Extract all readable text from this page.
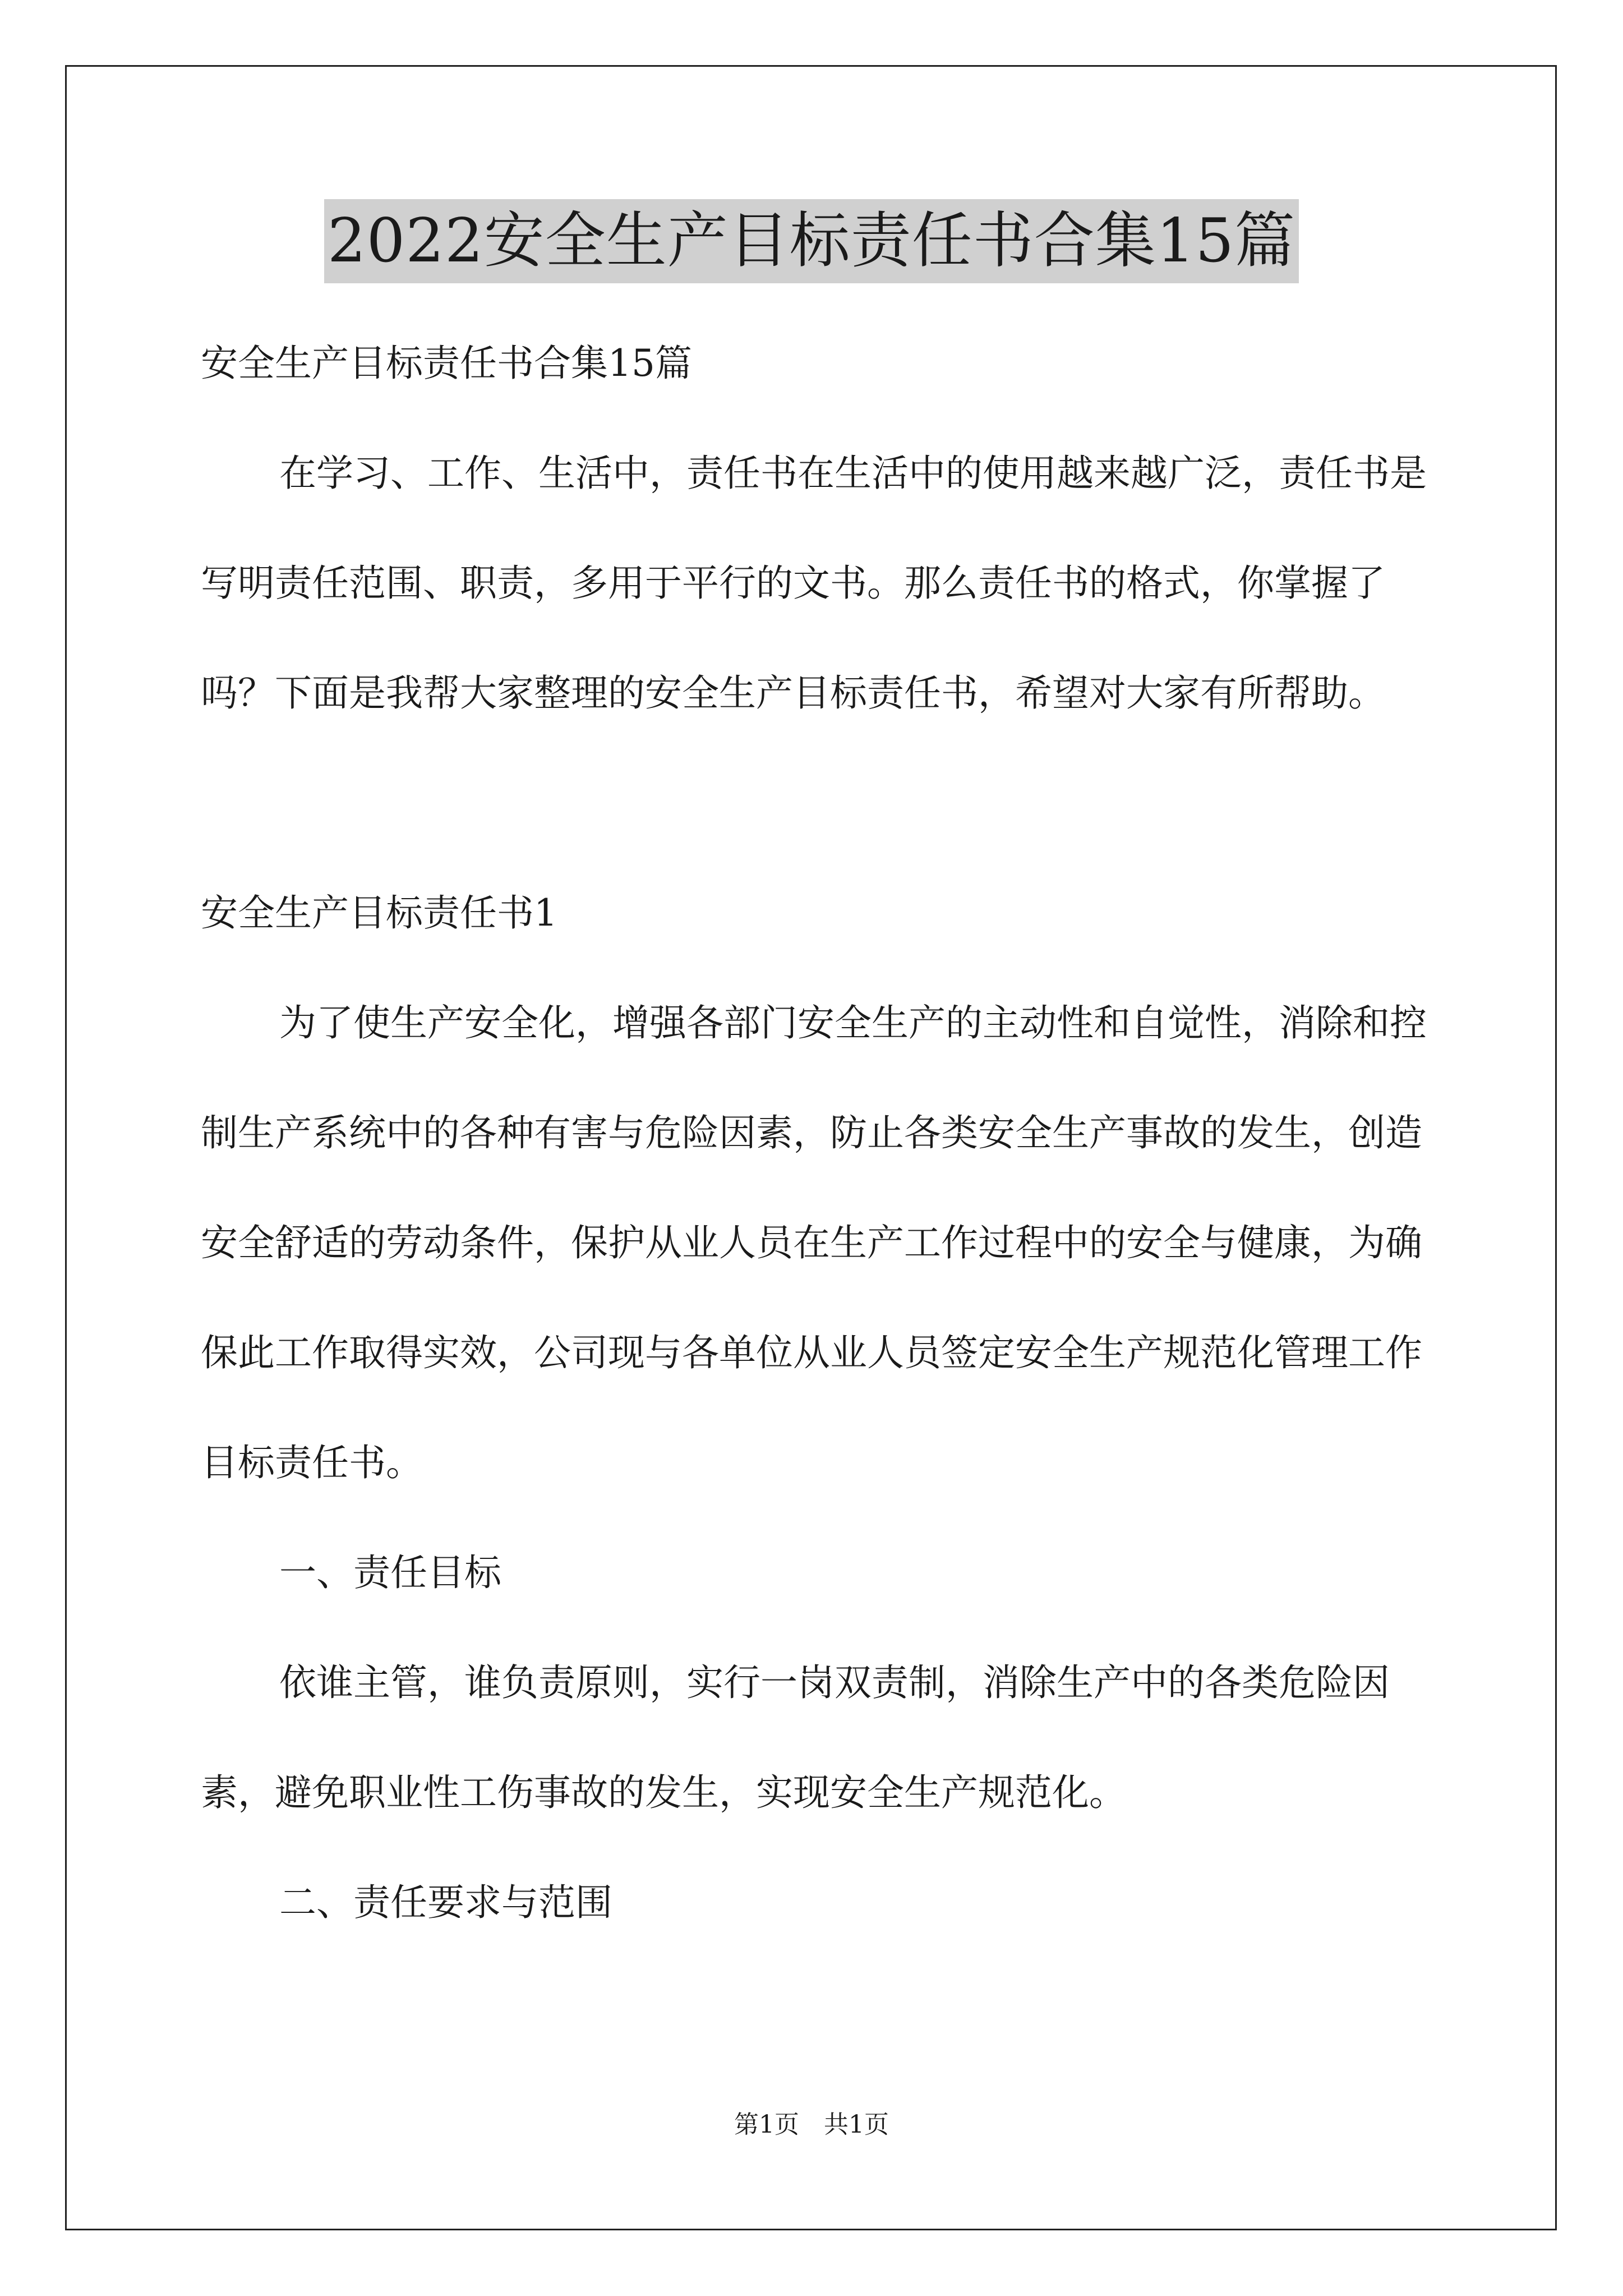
2022安全生产目标责任书合集15篇

安全生产目标责任书合集15篇

在学习、工作、生活中，责任书在生活中的使用越来越广泛，责任书是写明责任范围、职责，多用于平行的文书。那么责任书的格式，你掌握了吗？下面是我帮大家整理的安全生产目标责任书，希望对大家有所帮助。

安全生产目标责任书1

为了使生产安全化，增强各部门安全生产的主动性和自觉性，消除和控制生产系统中的各种有害与危险因素，防止各类安全生产事故的发生，创造安全舒适的劳动条件，保护从业人员在生产工作过程中的安全与健康，为确保此工作取得实效，公司现与各单位从业人员签定安全生产规范化管理工作目标责任书。

一、责任目标

依谁主管，谁负责原则，实行一岗双责制，消除生产中的各类危险因素，避免职业性工伤事故的发生，实现安全生产规范化。

二、责任要求与范围

第1页　共1页
